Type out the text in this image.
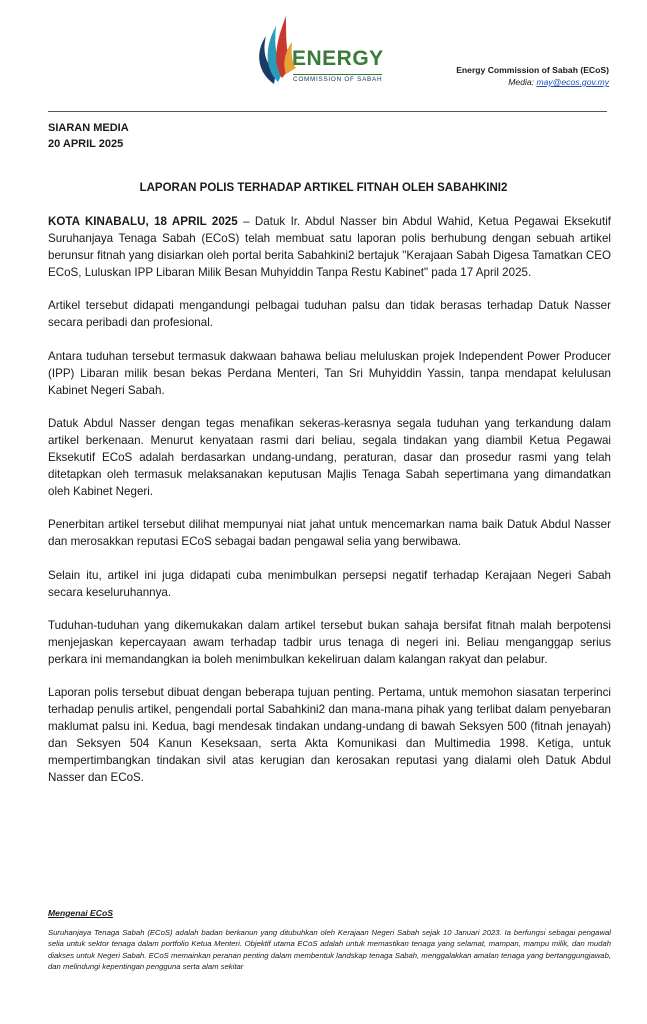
ENERGY
COMMISSION OF SABAH
Energy Commission of Sabah (ECoS)
Media: may@ecos.gov.my
SIARAN MEDIA
20 APRIL 2025
LAPORAN POLIS TERHADAP ARTIKEL FITNAH OLEH SABAHKINI2

KOTA KINABALU, 18 APRIL 2025 – Datuk Ir. Abdul Nasser bin Abdul Wahid, Ketua Pegawai Eksekutif Suruhanjaya Tenaga Sabah (ECoS) telah membuat satu laporan polis berhubung dengan sebuah artikel berunsur fitnah yang disiarkan oleh portal berita Sabahkini2 bertajuk "Kerajaan Sabah Digesa Tamatkan CEO ECoS, Luluskan IPP Libaran Milik Besan Muhyiddin Tanpa Restu Kabinet" pada 17 April 2025.

Artikel tersebut didapati mengandungi pelbagai tuduhan palsu dan tidak berasas terhadap Datuk Nasser secara peribadi dan profesional.

Antara tuduhan tersebut termasuk dakwaan bahawa beliau meluluskan projek Independent Power Producer (IPP) Libaran milik besan bekas Perdana Menteri, Tan Sri Muhyiddin Yassin, tanpa mendapat kelulusan Kabinet Negeri Sabah.

Datuk Abdul Nasser dengan tegas menafikan sekeras-kerasnya segala tuduhan yang terkandung dalam artikel berkenaan. Menurut kenyataan rasmi dari beliau, segala tindakan yang diambil Ketua Pegawai Eksekutif ECoS adalah berdasarkan undang-undang, peraturan, dasar dan prosedur rasmi yang telah ditetapkan oleh termasuk melaksanakan keputusan Majlis Tenaga Sabah sepertimana yang dimandatkan oleh Kabinet Negeri.

Penerbitan artikel tersebut dilihat mempunyai niat jahat untuk mencemarkan nama baik Datuk Abdul Nasser dan merosakkan reputasi ECoS sebagai badan pengawal selia yang berwibawa.

Selain itu, artikel ini juga didapati cuba menimbulkan persepsi negatif terhadap Kerajaan Negeri Sabah secara keseluruhannya.

Tuduhan-tuduhan yang dikemukakan dalam artikel tersebut bukan sahaja bersifat fitnah malah berpotensi menjejaskan kepercayaan awam terhadap tadbir urus tenaga di negeri ini. Beliau menganggap serius perkara ini memandangkan ia boleh menimbulkan kekeliruan dalam kalangan rakyat dan pelabur.

Laporan polis tersebut dibuat dengan beberapa tujuan penting. Pertama, untuk memohon siasatan terperinci terhadap penulis artikel, pengendali portal Sabahkini2 dan mana-mana pihak yang terlibat dalam penyebaran maklumat palsu ini. Kedua, bagi mendesak tindakan undang-undang di bawah Seksyen 500 (fitnah jenayah) dan Seksyen 504 Kanun Keseksaan, serta Akta Komunikasi dan Multimedia 1998. Ketiga, untuk mempertimbangkan tindakan sivil atas kerugian dan kerosakan reputasi yang dialami oleh Datuk Abdul Nasser dan ECoS.

Mengenai ECoS
Suruhanjaya Tenaga Sabah (ECoS) adalah badan berkanun yang ditubuhkan oleh Kerajaan Negeri Sabah sejak 10 Januari 2023. Ia berfungsi sebagai pengawal selia untuk sektor tenaga dalam portfolio Ketua Menteri. Objektif utama ECoS adalah untuk memastikan tenaga yang selamat, mampan, mampu milik, dan mudah diakses untuk Negeri Sabah. ECoS memainkan peranan penting dalam membentuk landskap tenaga Sabah, menggalakkan amalan tenaga yang bertanggungjawab, dan melindungi kepentingan pengguna serta alam sekitar
